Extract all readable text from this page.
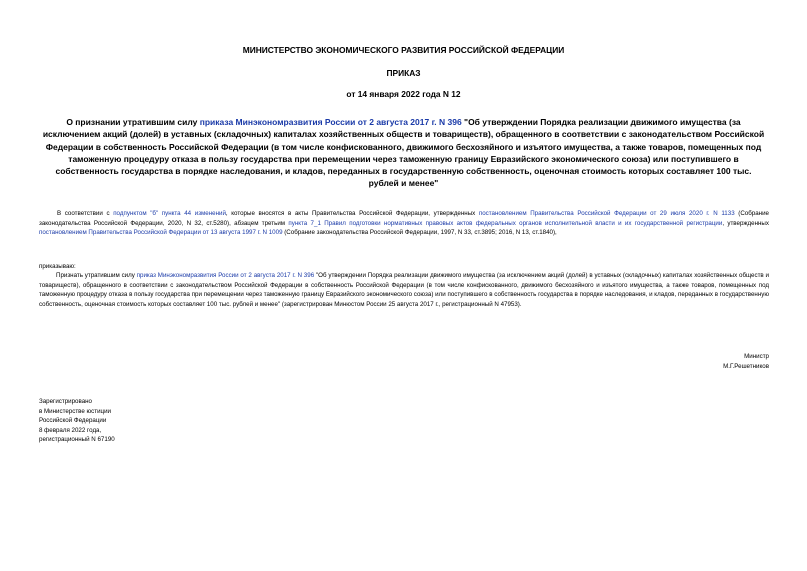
МИНИСТЕРСТВО ЭКОНОМИЧЕСКОГО РАЗВИТИЯ РОССИЙСКОЙ ФЕДЕРАЦИИ
ПРИКАЗ
от 14 января 2022 года N 12
О признании утратившим силу приказа Минэкономразвития России от 2 августа 2017 г. N 396 "Об утверждении Порядка реализации движимого имущества (за исключением акций (долей) в уставных (складочных) капиталах хозяйственных обществ и товариществ), обращенного в соответствии с законодательством Российской Федерации в собственность Российской Федерации (в том числе конфискованного, движимого бесхозяйного и изъятого имущества, а также товаров, помещенных под таможенную процедуру отказа в пользу государства при перемещении через таможенную границу Евразийского экономического союза) или поступившего в собственность государства в порядке наследования, и кладов, переданных в государственную собственность, оценочная стоимость которых составляет 100 тыс. рублей и менее"
В соответствии с подпунктом "б" пункта 44 изменений, которые вносятся в акты Правительства Российской Федерации, утвержденных постановлением Правительства Российской Федерации от 29 июля 2020 г. N 1133 (Собрание законодательства Российской Федерации, 2020, N 32, ст.5280), абзацем третьим пункта 7_1 Правил подготовки нормативных правовых актов федеральных органов исполнительной власти и их государственной регистрации, утвержденных постановлением Правительства Российской Федерации от 13 августа 1997 г. N 1009 (Собрание законодательства Российской Федерации, 1997, N 33, ст.3895; 2016, N 13, ст.1840),
приказываю:
Признать утратившим силу приказ Минэкономразвития России от 2 августа 2017 г. N 396 "Об утверждении Порядка реализации движимого имущества (за исключением акций (долей) в уставных (складочных) капиталах хозяйственных обществ и товариществ), обращенного в соответствии с законодательством Российской Федерации в собственность Российской Федерации (в том числе конфискованного, движимого бесхозяйного и изъятого имущества, а также товаров, помещенных под таможенную процедуру отказа в пользу государства при перемещении через таможенную границу Евразийского экономического союза) или поступившего в собственность государства в порядке наследования, и кладов, переданных в государственную собственность, оценочная стоимость которых составляет 100 тыс. рублей и менее" (зарегистрирован Минюстом России 25 августа 2017 г., регистрационный N 47953).
Министр
М.Г.Решетников
Зарегистрировано
в Министерстве юстиции
Российской Федерации
8 февраля 2022 года,
регистрационный N 67190
